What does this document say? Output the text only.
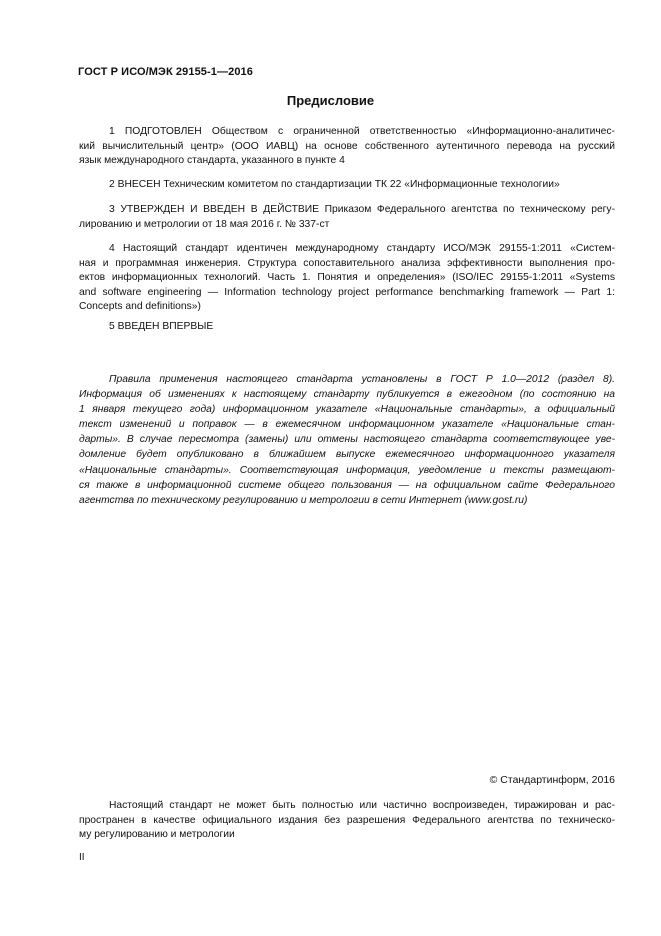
ГОСТ Р ИСО/МЭК 29155-1—2016
Предисловие
1 ПОДГОТОВЛЕН Обществом с ограниченной ответственностью «Информационно-аналитичес-
кий вычислительный центр» (ООО ИАВЦ) на основе собственного аутентичного перевода на русский
язык международного стандарта, указанного в пункте 4
2 ВНЕСЕН Техническим комитетом по стандартизации ТК 22 «Информационные технологии»
3 УТВЕРЖДЕН И ВВЕДЕН В ДЕЙСТВИЕ Приказом Федерального агентства по техническому регу-
лированию и метрологии от 18 мая 2016 г. № 337-ст
4 Настоящий стандарт идентичен международному стандарту ИСО/МЭК 29155-1:2011 «Систем-
ная и программная инженерия. Структура сопоставительного анализа эффективности выполнения про-
ектов информационных технологий. Часть 1. Понятия и определения» (ISO/IEC 29155-1:2011 «Systems
and software engineering — Information technology project performance benchmarking framework — Part 1:
Concepts and definitions»)
5 ВВЕДЕН ВПЕРВЫЕ
Правила применения настоящего стандарта установлены в ГОСТ Р 1.0—2012 (раздел 8).
Информация об изменениях к настоящему стандарту публикуется в ежегодном (по состоянию на
1 января текущего года) информационном указателе «Национальные стандарты», а официальный
текст изменений и поправок — в ежемесячном информационном указателе «Национальные стан-
дарты». В случае пересмотра (замены) или отмены настоящего стандарта соответствующее уве-
домление будет опубликовано в ближайшем выпуске ежемесячного информационного указателя
«Национальные стандарты». Соответствующая информация, уведомление и тексты размещают-
ся также в информационной системе общего пользования — на официальном сайте Федерального
агентства по техническому регулированию и метрологии в сети Интернет (www.gost.ru)
© Стандартинформ, 2016
Настоящий стандарт не может быть полностью или частично воспроизведен, тиражирован и рас-
пространен в качестве официального издания без разрешения Федерального агентства по техническо-
му регулированию и метрологии
II
